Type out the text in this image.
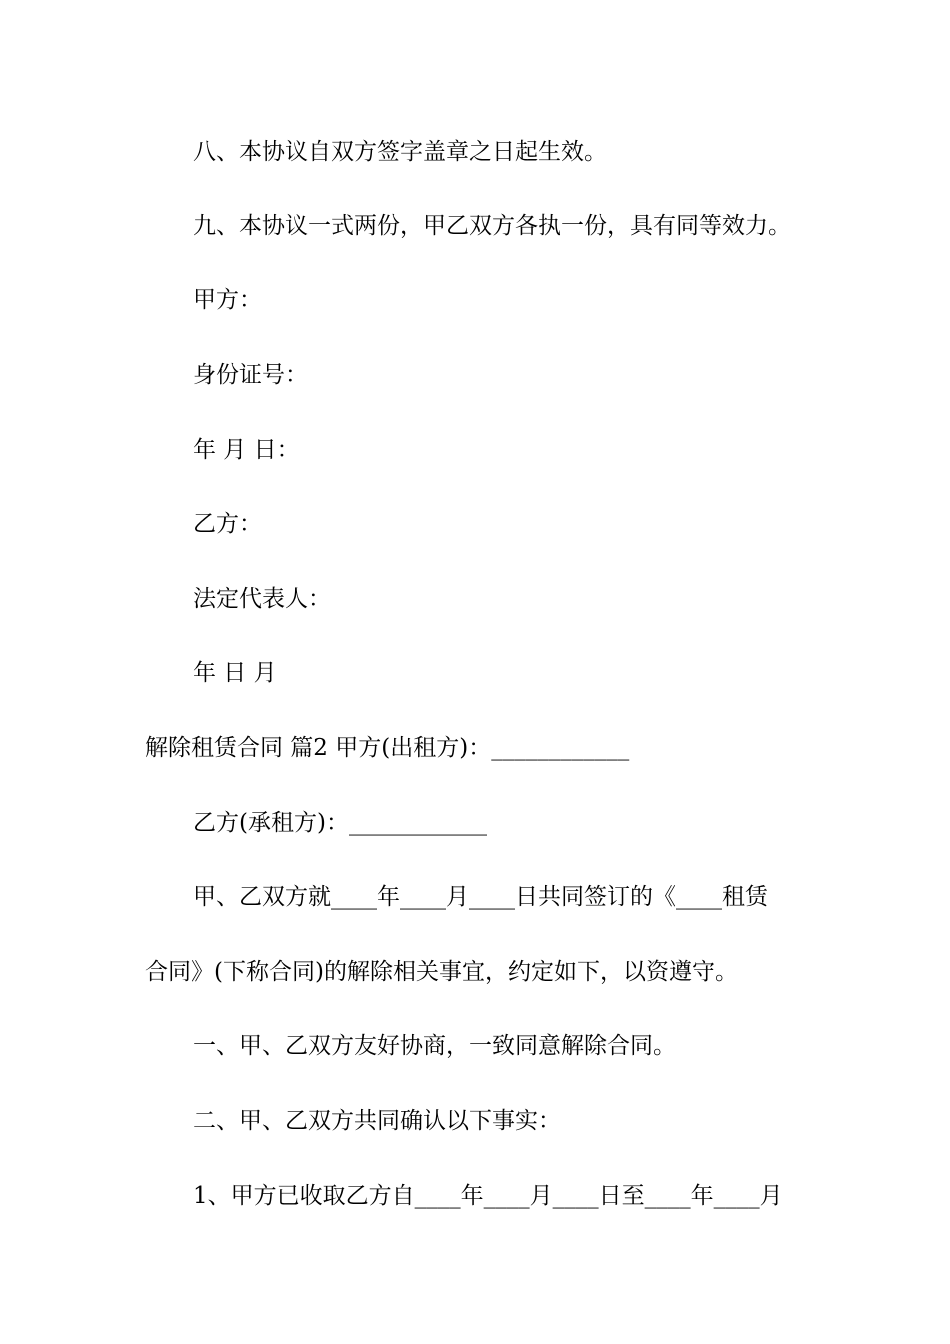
八、本协议自双方签字盖章之日起生效。
九、本协议一式两份，甲乙双方各执一份，具有同等效力。
甲方：
身份证号：
年 月 日：
乙方：
法定代表人：
年 日 月
解除租赁合同 篇2 甲方(出租方)：____________
乙方(承租方)：____________
甲、乙双方就____年____月____日共同签订的《____租赁
合同》(下称合同)的解除相关事宜，约定如下，以资遵守。
一、甲、乙双方友好协商，一致同意解除合同。
二、甲、乙双方共同确认以下事实：
1、甲方已收取乙方自____年____月____日至____年____月
